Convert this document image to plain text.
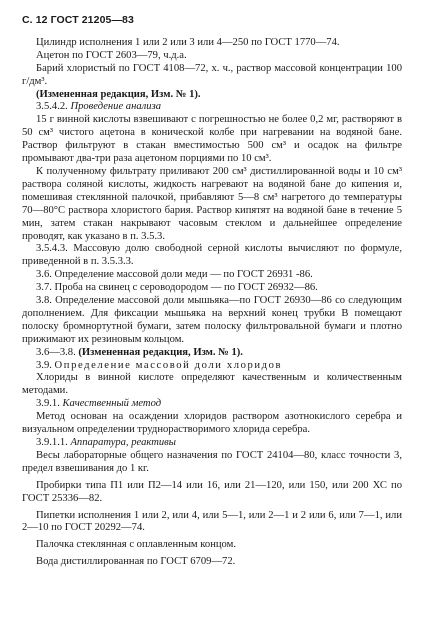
С. 12 ГОСТ 21205—83

Цилиндр исполнения 1 или 2 или 3 или 4—250 по ГОСТ 1770—74.

Ацетон по ГОСТ 2603—79, ч.д.а.

Барий хлористый по ГОСТ 4108—72, х. ч., раствор массовой концентрации 100 г/дм³.

(Измененная редакция, Изм. № 1).

3.5.4.2. Проведение анализа

15 г винной кислоты взвешивают с погрешностью не более 0,2 мг, растворяют в 50 см³ чистого ацетона в конической колбе при нагревании на водяной бане. Раствор фильтруют в стакан вместимостью 500 см³ и осадок на фильтре промывают два-три раза ацетоном порциями по 10 см³.

К полученному фильтрату приливают 200 см³ дистиллированной воды и 10 см³ раствора соляной кислоты, жидкость нагревают на водяной бане до кипения и, помешивая стеклянной палочкой, прибавляют 5—8 см³ нагретого до температуры 70—80°С раствора хлористого бария. Раствор кипятят на водяной бане в течение 5 мин, затем стакан накрывают часовым стеклом и дальнейшее определение проводят, как указано в п. 3.5.3.

3.5.4.3. Массовую долю свободной серной кислоты вычисляют по формуле, приведенной в п. 3.5.3.3.

3.6. Определение массовой доли меди — по ГОСТ 26931 -86.

3.7. Проба на свинец с сероводородом — по ГОСТ 26932—86.

3.8. Определение массовой доли мышьяка—по ГОСТ 26930—86 со следующим дополнением. Для фиксации мышьяка на верхний конец трубки В помещают полоску бромнортутной бумаги, затем полоску фильтровальной бумаги и плотно прижимают их резиновым кольцом.

3.6—3.8. (Измененная редакция, Изм. № 1).

3.9. Определение массовой доли хлоридов

Хлориды в винной кислоте определяют качественным и количественным методами.

3.9.1. Качественный метод

Метод основан на осаждении хлоридов раствором азотнокислого серебра и визуальном определении труднорастворимого хлорида серебра.

3.9.1.1. Аппаратура, реактивы

Весы лабораторные общего назначения по ГОСТ 24104—80, класс точности 3, предел взвешивания до 1 кг.

Пробирки типа П1 или П2—14 или 16, или 21—120, или 150, или 200 ХС по ГОСТ 25336—82.

Пипетки исполнения 1 или 2, или 4, или 5—1, или 2—1 и 2 или 6, или 7—1, или 2—10 по ГОСТ 20292—74.

Палочка стеклянная с оплавленным концом.

Вода дистиллированная по ГОСТ 6709—72.
